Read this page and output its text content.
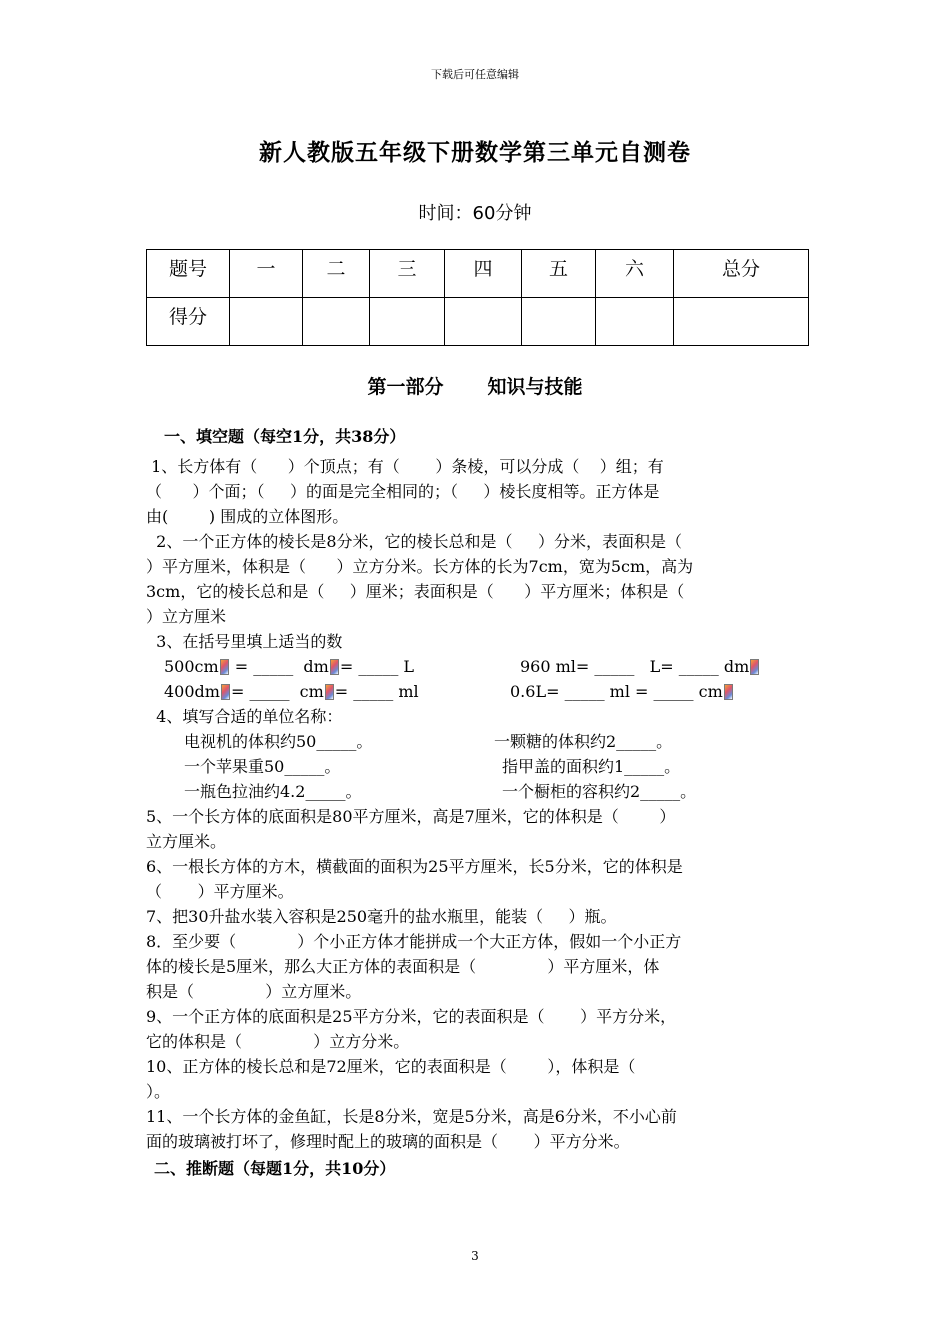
下载后可任意编辑
新人教版五年级下册数学第三单元自测卷
时间：60分钟
题号	一	二	三	四	五	六	总分
得分							
第一部分 知识与技能
一、填空题（每空1分，共38分）
1、长方体有（      ）个顶点；有（       ）条棱，可以分成（    ）组；有
（      ）个面；（     ）的面是完全相同的；（     ）棱长度相等。正方体是
由(        ) 围成的立体图形。
2、一个正方体的棱长是8分米，它的棱长总和是（     ）分米，表面积是（
）平方厘米，体积是（      ）立方分米。长方体的长为7cm，宽为5cm，高为
3cm，它的棱长总和是（     ）厘米；表面积是（      ）平方厘米；体积是（
）立方厘米
3、在括号里填上适当的数
500cm = _____  dm = _____ L	960 ml= _____   L= _____ dm
400dm = _____  cm = _____ ml	0.6L= _____ ml = _____ cm
4、填写合适的单位名称：
电视机的体积约50_____。	一颗糖的体积约2_____。
一个苹果重50_____。	指甲盖的面积约1_____。
一瓶色拉油约4.2_____。	一个橱柜的容积约2_____。
5、一个长方体的底面积是80平方厘米，高是7厘米，它的体积是（        ）
立方厘米。
6、一根长方体的方木，横截面的面积为25平方厘米，长5分米，它的体积是
（       ）平方厘米。
7、把30升盐水装入容积是250毫升的盐水瓶里，能装（     ）瓶。
8．至少要（            ）个小正方体才能拼成一个大正方体，假如一个小正方
体的棱长是5厘米，那么大正方体的表面积是（              ）平方厘米，体
积是（              ）立方厘米。
9、一个正方体的底面积是25平方分米，它的表面积是（       ）平方分米，
它的体积是（              ）立方分米。
10、正方体的棱长总和是72厘米，它的表面积是（        ），体积是（
）。
11、一个长方体的金鱼缸，长是8分米，宽是5分米，高是6分米，不小心前
面的玻璃被打坏了，修理时配上的玻璃的面积是（       ）平方分米。
二、推断题（每题1分，共10分）
3
